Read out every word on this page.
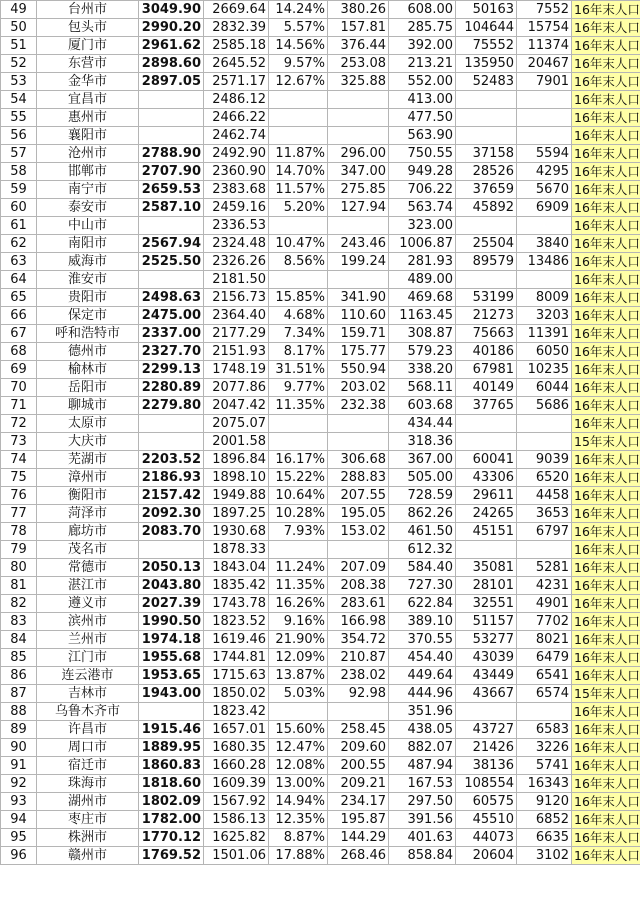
49	台州市	3049.90	2669.64	14.24%	380.26	608.00	50163	7552	16年末人口
50	包头市	2990.20	2832.39	5.57%	157.81	285.75	104644	15754	16年末人口
51	厦门市	2961.62	2585.18	14.56%	376.44	392.00	75552	11374	16年末人口
52	东营市	2898.60	2645.52	9.57%	253.08	213.21	135950	20467	16年末人口
53	金华市	2897.05	2571.17	12.67%	325.88	552.00	52483	7901	16年末人口
54	宜昌市		2486.12			413.00			16年末人口
55	惠州市		2466.22			477.50			16年末人口
56	襄阳市		2462.74			563.90			16年末人口
57	沧州市	2788.90	2492.90	11.87%	296.00	750.55	37158	5594	16年末人口
58	邯郸市	2707.90	2360.90	14.70%	347.00	949.28	28526	4295	16年末人口
59	南宁市	2659.53	2383.68	11.57%	275.85	706.22	37659	5670	16年末人口
60	泰安市	2587.10	2459.16	5.20%	127.94	563.74	45892	6909	16年末人口
61	中山市		2336.53			323.00			16年末人口
62	南阳市	2567.94	2324.48	10.47%	243.46	1006.87	25504	3840	16年末人口
63	威海市	2525.50	2326.26	8.56%	199.24	281.93	89579	13486	16年末人口
64	淮安市		2181.50			489.00			16年末人口
65	贵阳市	2498.63	2156.73	15.85%	341.90	469.68	53199	8009	16年末人口
66	保定市	2475.00	2364.40	4.68%	110.60	1163.45	21273	3203	16年末人口
67	呼和浩特市	2337.00	2177.29	7.34%	159.71	308.87	75663	11391	16年末人口
68	德州市	2327.70	2151.93	8.17%	175.77	579.23	40186	6050	16年末人口
69	榆林市	2299.13	1748.19	31.51%	550.94	338.20	67981	10235	16年末人口
70	岳阳市	2280.89	2077.86	9.77%	203.02	568.11	40149	6044	16年末人口
71	聊城市	2279.80	2047.42	11.35%	232.38	603.68	37765	5686	16年末人口
72	太原市		2075.07			434.44			16年末人口
73	大庆市		2001.58			318.36			15年末人口
74	芜湖市	2203.52	1896.84	16.17%	306.68	367.00	60041	9039	16年末人口
75	漳州市	2186.93	1898.10	15.22%	288.83	505.00	43306	6520	16年末人口
76	衡阳市	2157.42	1949.88	10.64%	207.55	728.59	29611	4458	16年末人口
77	菏泽市	2092.30	1897.25	10.28%	195.05	862.26	24265	3653	16年末人口
78	廊坊市	2083.70	1930.68	7.93%	153.02	461.50	45151	6797	16年末人口
79	茂名市		1878.33			612.32			16年末人口
80	常德市	2050.13	1843.04	11.24%	207.09	584.40	35081	5281	16年末人口
81	湛江市	2043.80	1835.42	11.35%	208.38	727.30	28101	4231	16年末人口
82	遵义市	2027.39	1743.78	16.26%	283.61	622.84	32551	4901	16年末人口
83	滨州市	1990.50	1823.52	9.16%	166.98	389.10	51157	7702	16年末人口
84	兰州市	1974.18	1619.46	21.90%	354.72	370.55	53277	8021	16年末人口
85	江门市	1955.68	1744.81	12.09%	210.87	454.40	43039	6479	16年末人口
86	连云港市	1953.65	1715.63	13.87%	238.02	449.64	43449	6541	16年末人口
87	吉林市	1943.00	1850.02	5.03%	92.98	444.96	43667	6574	15年末人口
88	乌鲁木齐市		1823.42			351.96			16年末人口
89	许昌市	1915.46	1657.01	15.60%	258.45	438.05	43727	6583	16年末人口
90	周口市	1889.95	1680.35	12.47%	209.60	882.07	21426	3226	16年末人口
91	宿迁市	1860.83	1660.28	12.08%	200.55	487.94	38136	5741	16年末人口
92	珠海市	1818.60	1609.39	13.00%	209.21	167.53	108554	16343	16年末人口
93	湖州市	1802.09	1567.92	14.94%	234.17	297.50	60575	9120	16年末人口
94	枣庄市	1782.00	1586.13	12.35%	195.87	391.56	45510	6852	16年末人口
95	株洲市	1770.12	1625.82	8.87%	144.29	401.63	44073	6635	16年末人口
96	赣州市	1769.52	1501.06	17.88%	268.46	858.84	20604	3102	16年末人口
